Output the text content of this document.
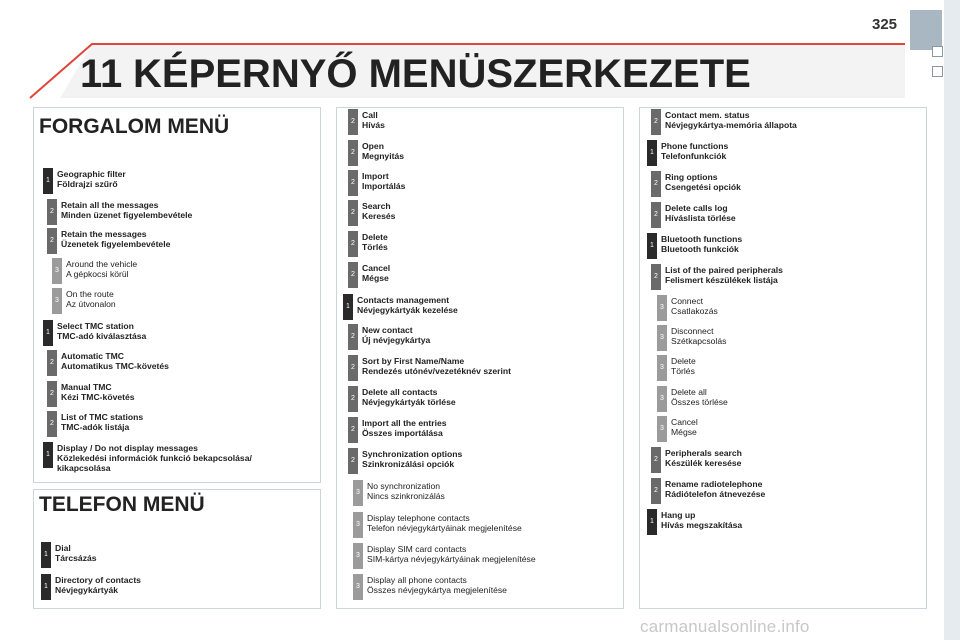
325
11 KÉPERNYŐ MENÜSZERKEZETE
FORGALOM MENÜ
TELEFON MENÜ
1
Geographic filter
Földrajzi szűrő
2
Retain all the messages
Minden üzenet figyelembevétele
2
Retain the messages
Üzenetek figyelembevétele
3
Around the vehicle
A gépkocsi körül
3
On the route
Az útvonalon
1
Select TMC station
TMC-adó kiválasztása
2
Automatic TMC
Automatikus TMC-követés
2
Manual TMC
Kézi TMC-követés
2
List of TMC stations
TMC-adók listája
1
Display / Do not display messages
Közlekedési információk funkció bekapcsolása/
kikapcsolása
1
Dial
Tárcsázás
1
Directory of contacts
Névjegykártyák
2
Call
Hívás
2
Open
Megnyitás
2
Import
Importálás
2
Search
Keresés
2
Delete
Törlés
2
Cancel
Mégse
1
Contacts management
Névjegykártyák kezelése
2
New contact
Új névjegykártya
2
Sort by First Name/Name
Rendezés utónév/vezetéknév szerint
2
Delete all contacts
Névjegykártyák törlése
2
Import all the entries
Összes importálása
2
Synchronization options
Szinkronizálási opciók
3
No synchronization
Nincs szinkronizálás
3
Display telephone contacts
Telefon névjegykártyáinak megjelenítése
3
Display SIM card contacts
SIM-kártya névjegykártyáinak megjelenítése
3
Display all phone contacts
Összes névjegykártya megjelenítése
2
Contact mem. status
Névjegykártya-memória állapota
1
Phone functions
Telefonfunkciók
2
Ring options
Csengetési opciók
2
Delete calls log
Híváslista törlése
1
Bluetooth functions
Bluetooth funkciók
2
List of the paired peripherals
Felismert készülékek listája
3
Connect
Csatlakozás
3
Disconnect
Szétkapcsolás
3
Delete
Törlés
3
Delete all
Összes törlése
3
Cancel
Mégse
2
Peripherals search
Készülék keresése
2
Rename radiotelephone
Rádiótelefon átnevezése
1
Hang up
Hívás megszakítása
carmanualsonline.info
